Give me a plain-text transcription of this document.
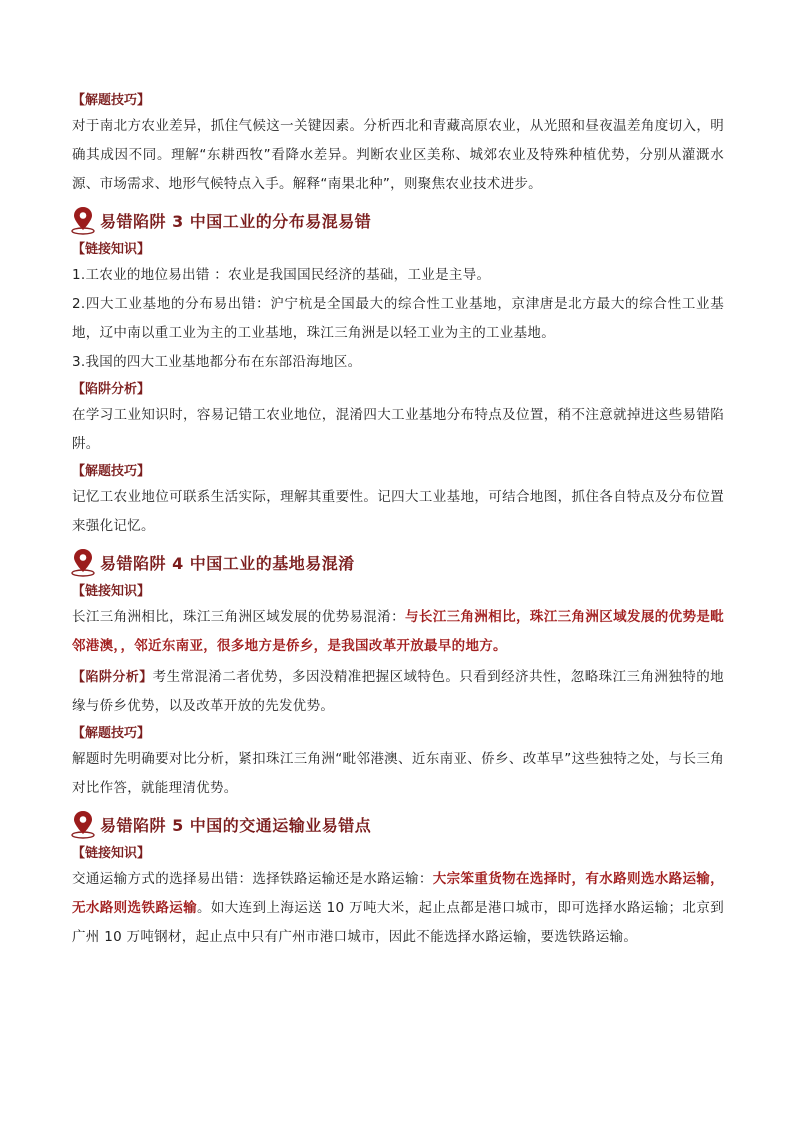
【解题技巧】

对于南北方农业差异，抓住气候这一关键因素。分析西北和青藏高原农业，从光照和昼夜温差角度切入，明确其成因不同。理解“东耕西牧”看降水差异。判断农业区美称、城郊农业及特殊种植优势，分别从灌溉水源、市场需求、地形气候特点入手。解释“南果北种”，则聚焦农业技术进步。

易错陷阱 3 中国工业的分布易混易错
【链接知识】

1.工农业的地位易出错 ：农业是我国国民经济的基础，工业是主导。

2.四大工业基地的分布易出错：沪宁杭是全国最大的综合性工业基地，京津唐是北方最大的综合性工业基地，辽中南以重工业为主的工业基地，珠江三角洲是以轻工业为主的工业基地。

3.我国的四大工业基地都分布在东部沿海地区。

【陷阱分析】

在学习工业知识时，容易记错工农业地位，混淆四大工业基地分布特点及位置，稍不注意就掉进这些易错陷阱。

【解题技巧】

记忆工农业地位可联系生活实际，理解其重要性。记四大工业基地，可结合地图，抓住各自特点及分布位置来强化记忆。

易错陷阱 4 中国工业的基地易混淆
【链接知识】

长江三角洲相比，珠江三角洲区域发展的优势易混淆：与长江三角洲相比，珠江三角洲区域发展的优势是毗邻港澳，，邻近东南亚，很多地方是侨乡，是我国改革开放最早的地方。

【陷阱分析】考生常混淆二者优势，多因没精准把握区域特色。只看到经济共性，忽略珠江三角洲独特的地缘与侨乡优势，以及改革开放的先发优势。

【解题技巧】

解题时先明确要对比分析，紧扣珠江三角洲“毗邻港澳、近东南亚、侨乡、改革早”这些独特之处，与长三角对比作答，就能理清优势。

易错陷阱 5 中国的交通运输业易错点
【链接知识】

交通运输方式的选择易出错：选择铁路运输还是水路运输：大宗笨重货物在选择时，有水路则选水路运输，无水路则选铁路运输。如大连到上海运送 10 万吨大米，起止点都是港口城市，即可选择水路运输；北京到广州 10 万吨钢材，起止点中只有广州市港口城市，因此不能选择水路运输，要选铁路运输。
